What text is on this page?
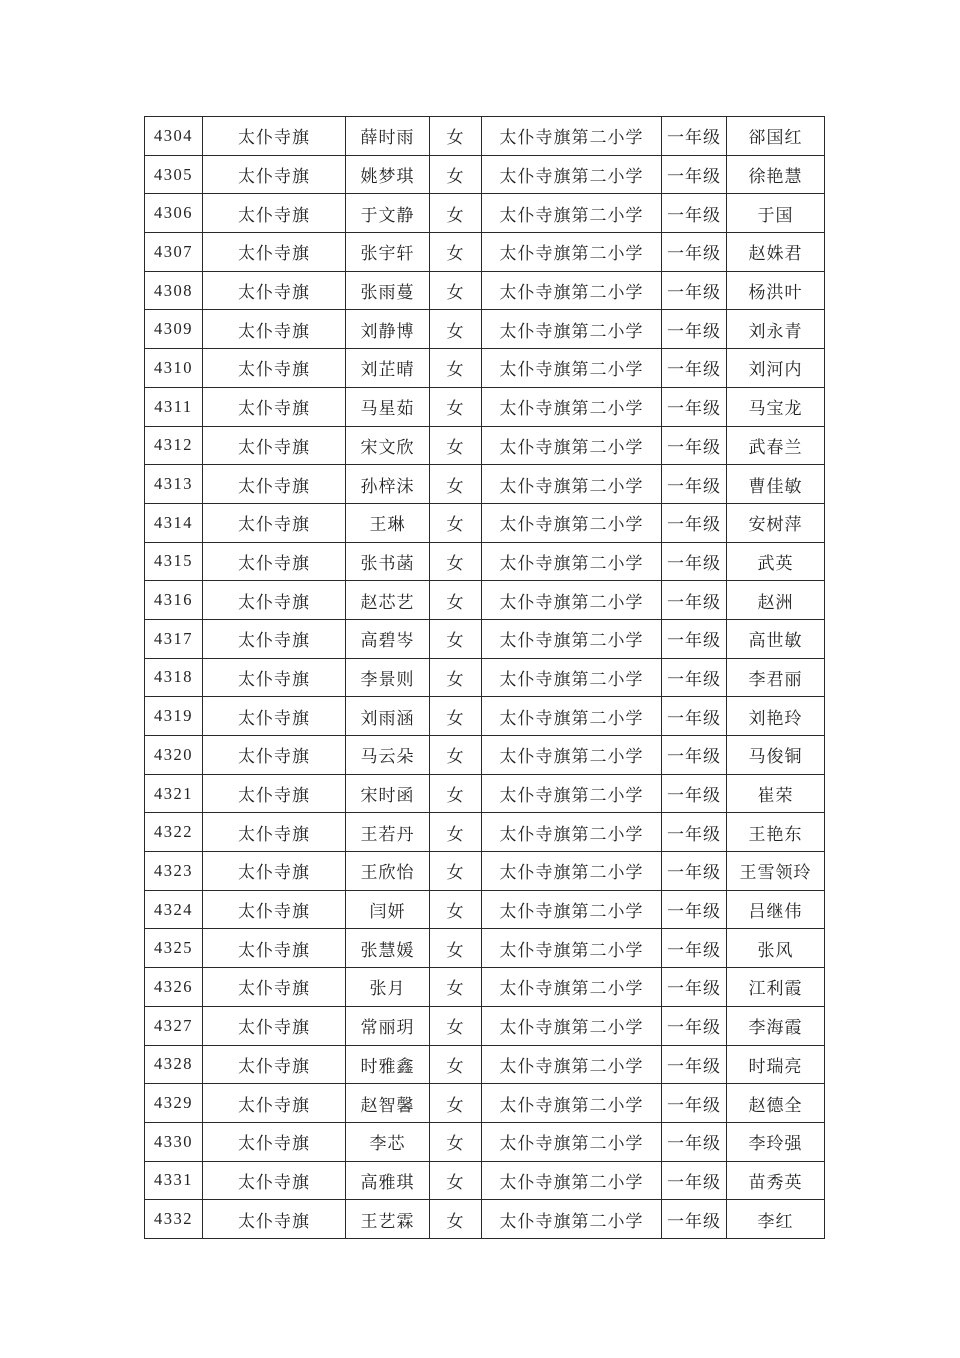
4304	太仆寺旗	薛时雨	女	太仆寺旗第二小学	一年级	郤国红
4305	太仆寺旗	姚梦琪	女	太仆寺旗第二小学	一年级	徐艳慧
4306	太仆寺旗	于文静	女	太仆寺旗第二小学	一年级	于国
4307	太仆寺旗	张宇轩	女	太仆寺旗第二小学	一年级	赵姝君
4308	太仆寺旗	张雨蔓	女	太仆寺旗第二小学	一年级	杨洪叶
4309	太仆寺旗	刘静博	女	太仆寺旗第二小学	一年级	刘永青
4310	太仆寺旗	刘芷晴	女	太仆寺旗第二小学	一年级	刘河内
4311	太仆寺旗	马星茹	女	太仆寺旗第二小学	一年级	马宝龙
4312	太仆寺旗	宋文欣	女	太仆寺旗第二小学	一年级	武春兰
4313	太仆寺旗	孙梓沫	女	太仆寺旗第二小学	一年级	曹佳敏
4314	太仆寺旗	王琳	女	太仆寺旗第二小学	一年级	安树萍
4315	太仆寺旗	张书菡	女	太仆寺旗第二小学	一年级	武英
4316	太仆寺旗	赵芯艺	女	太仆寺旗第二小学	一年级	赵洲
4317	太仆寺旗	高碧岑	女	太仆寺旗第二小学	一年级	高世敏
4318	太仆寺旗	李景则	女	太仆寺旗第二小学	一年级	李君丽
4319	太仆寺旗	刘雨涵	女	太仆寺旗第二小学	一年级	刘艳玲
4320	太仆寺旗	马云朵	女	太仆寺旗第二小学	一年级	马俊铜
4321	太仆寺旗	宋时函	女	太仆寺旗第二小学	一年级	崔荣
4322	太仆寺旗	王若丹	女	太仆寺旗第二小学	一年级	王艳东
4323	太仆寺旗	王欣怡	女	太仆寺旗第二小学	一年级	王雪领玲
4324	太仆寺旗	闫妍	女	太仆寺旗第二小学	一年级	吕继伟
4325	太仆寺旗	张慧媛	女	太仆寺旗第二小学	一年级	张风
4326	太仆寺旗	张月	女	太仆寺旗第二小学	一年级	江利霞
4327	太仆寺旗	常丽玥	女	太仆寺旗第二小学	一年级	李海霞
4328	太仆寺旗	时雅鑫	女	太仆寺旗第二小学	一年级	时瑞亮
4329	太仆寺旗	赵智馨	女	太仆寺旗第二小学	一年级	赵德全
4330	太仆寺旗	李芯	女	太仆寺旗第二小学	一年级	李玲强
4331	太仆寺旗	高雅琪	女	太仆寺旗第二小学	一年级	苗秀英
4332	太仆寺旗	王艺霖	女	太仆寺旗第二小学	一年级	李红
